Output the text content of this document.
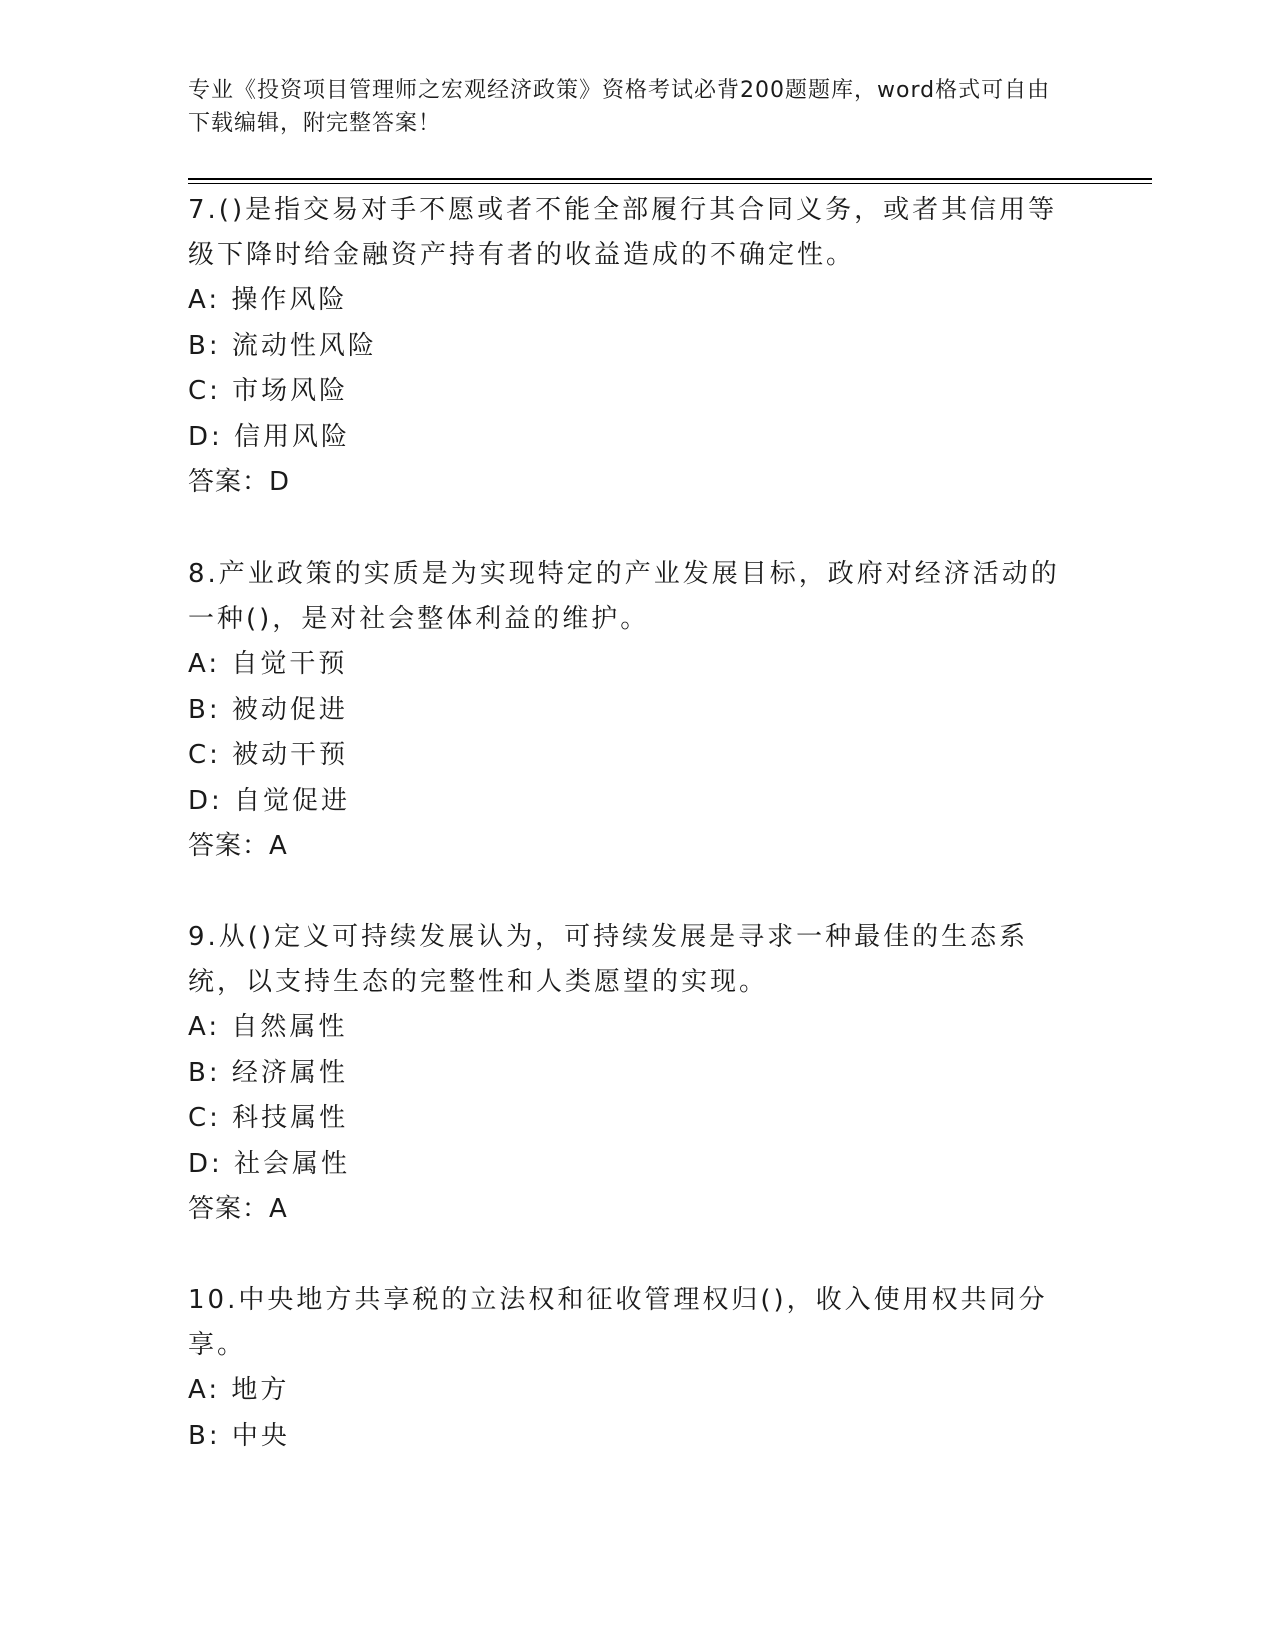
专业《投资项目管理师之宏观经济政策》资格考试必背200题题库，word格式可自由下载编辑，附完整答案！
7.()是指交易对手不愿或者不能全部履行其合同义务，或者其信用等级下降时给金融资产持有者的收益造成的不确定性。
A: 操作风险
B: 流动性风险
C: 市场风险
D: 信用风险
答案：D
8.产业政策的实质是为实现特定的产业发展目标，政府对经济活动的一种()，是对社会整体利益的维护。
A: 自觉干预
B: 被动促进
C: 被动干预
D: 自觉促进
答案：A
9.从()定义可持续发展认为，可持续发展是寻求一种最佳的生态系统，以支持生态的完整性和人类愿望的实现。
A: 自然属性
B: 经济属性
C: 科技属性
D: 社会属性
答案：A
10.中央地方共享税的立法权和征收管理权归()，收入使用权共同分享。
A: 地方
B: 中央
